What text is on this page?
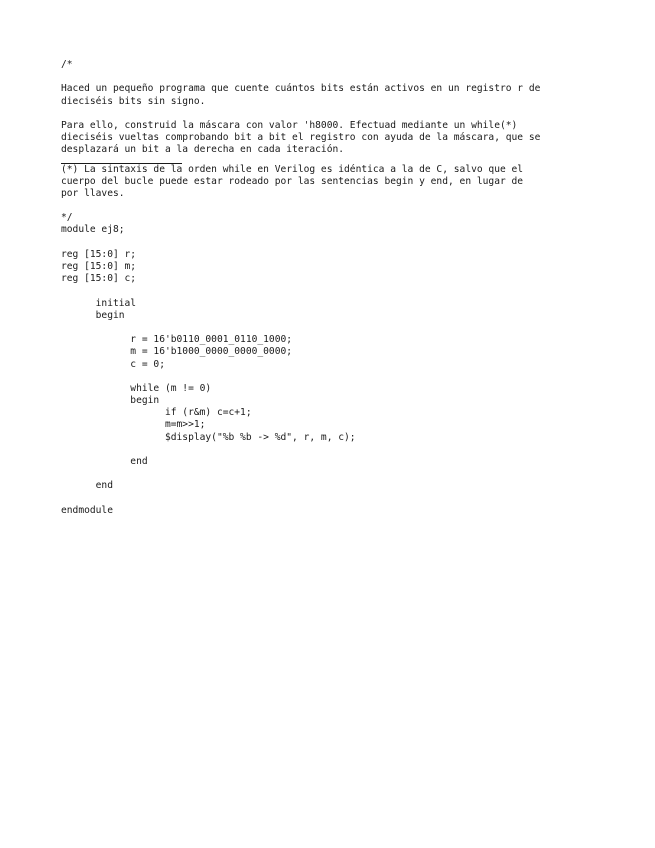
/*
Haced un pequeño programa que cuente cuántos bits están activos en un registro r de
dieciséis bits sin signo.
Para ello, construid la máscara con valor 'h8000. Efectuad mediante un while(*)
dieciséis vueltas comprobando bit a bit el registro con ayuda de la máscara, que se
desplazará un bit a la derecha en cada iteración.
(*) La sintaxis de la orden while en Verilog es idéntica a la de C, salvo que el
cuerpo del bucle puede estar rodeado por las sentencias begin y end, en lugar de
por llaves.
*/
module ej8;
reg [15:0] r;
reg [15:0] m;
reg [15:0] c;
initial
begin
r = 16'b0110_0001_0110_1000;
m = 16'b1000_0000_0000_0000;
c = 0;
while (m != 0)
begin
if (r&m) c=c+1;
m=m>>1;
$display("%b %b -> %d", r, m, c);
end
end
endmodule
